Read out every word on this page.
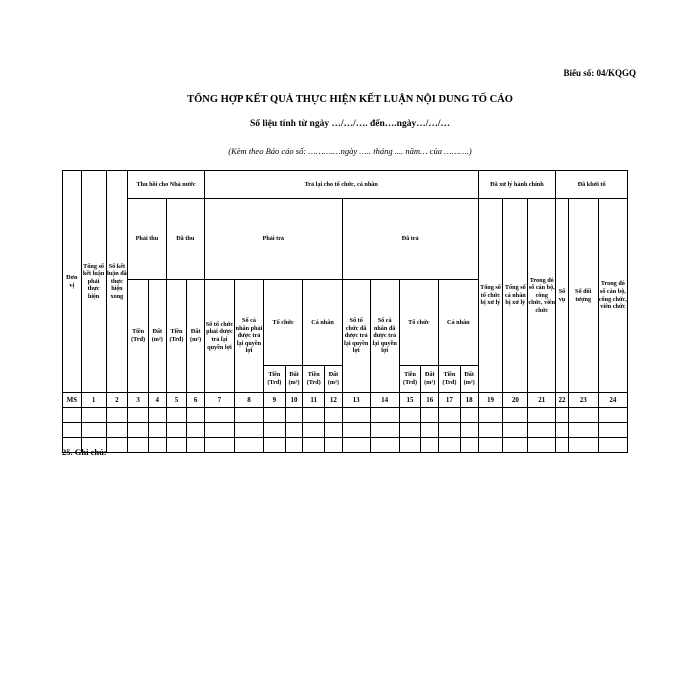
Biểu số: 04/KQGQ
TỔNG HỢP KẾT QUẢ THỰC HIỆN KẾT LUẬN NỘI DUNG TỐ CÁO
Số liệu tính từ ngày …/…/…. đến….ngày…/…/…
(Kèm theo Báo cáo số: ……….…ngày ….. tháng .... năm… của ……….)
Đơn vị	Tổng số kết luận phải thực hiện	Số kết luận đã thực hiện xong	Thu hồi cho Nhà nước				Trả lại cho tổ chức, cá nhân												Đã xử lý hành chính			Đã khởi tố		
			Phải thu		Đã thu		Phải trả						Đã trả						Tổng số tổ chức bị xử lý	Tổng số cá nhân bị xử lý	Trong đó số cán bộ, công chức, viên chức	Số vụ	Số đối tượng	Trong đó số cán bộ, công chức, viên chức
			Tiền (Trđ)	Đất (m²)	Tiền (Trđ)	Đất (m²)	Số tổ chức phải được trả lại quyền lợi	Số cá nhân phải được trả lại quyền lợi	Tổ chức		Cá nhân		Số tổ chức đã được trả lại quyền lợi	Số cá nhân đã được trả lại quyền lợi	Tổ chức		Cá nhân							
									Tiền (Trđ)	Đất (m²)	Tiền (Trđ)	Đất (m²)			Tiền (Trđ)	Đất (m²)	Tiền (Trđ)	Đất (m²)						
MS	1	2	3	4	5	6	7	8	9	10	11	12	13	14	15	16	17	18	19	20	21	22	23	24

25. Ghi chú:
